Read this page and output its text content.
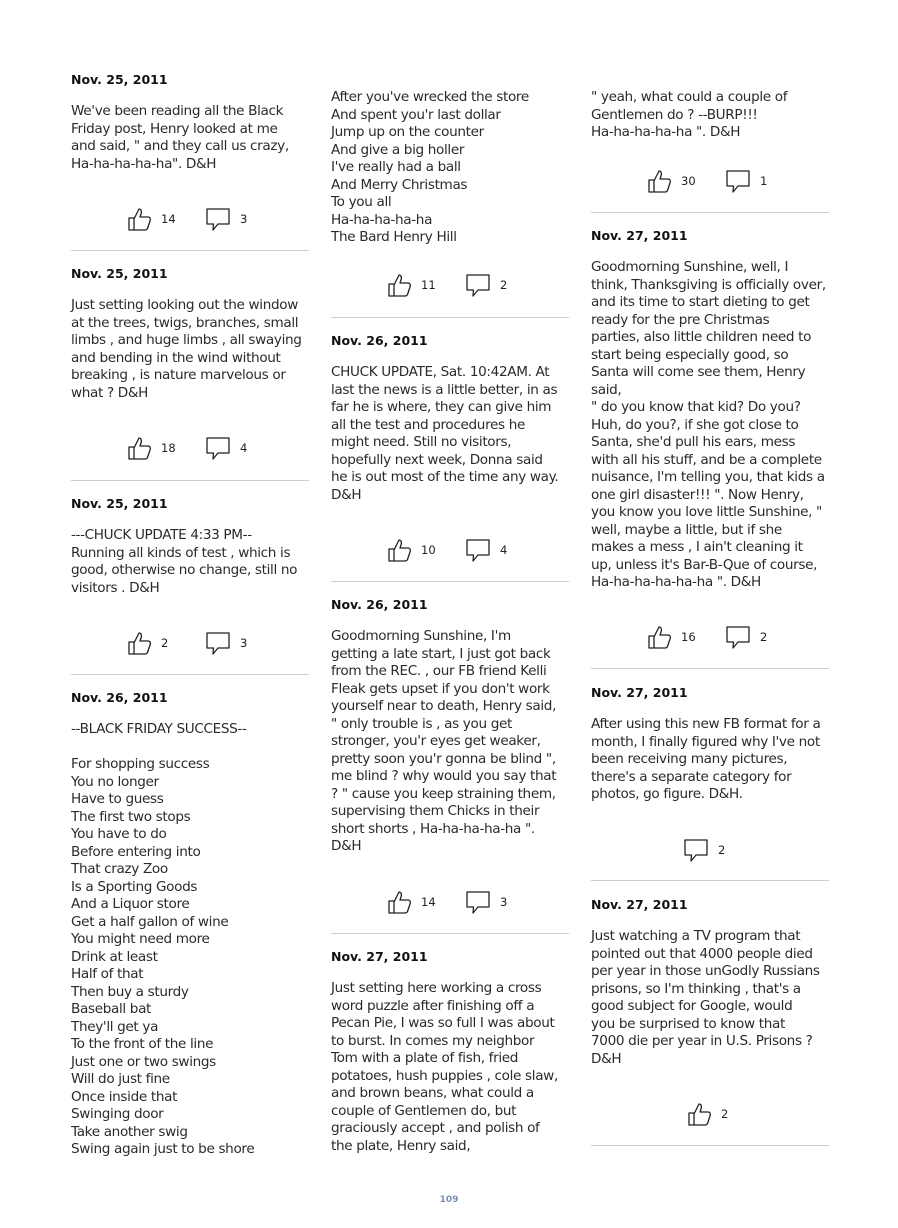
Nov. 25, 2011

We've been reading all the Black
Friday post, Henry looked at me
and said, " and they call us crazy,
Ha-ha-ha-ha-ha". D&H
14	3

Nov. 25, 2011

Just setting looking out the window
at the trees, twigs, branches, small
limbs , and huge limbs , all swaying
and bending in the wind without
breaking , is nature marvelous or
what ? D&H
18	4

Nov. 25, 2011

---CHUCK UPDATE 4:33 PM--
Running all kinds of test , which is
good, otherwise no change, still no
visitors . D&H
2	3

Nov. 26, 2011

--BLACK FRIDAY SUCCESS--

For shopping success
You no longer
Have to guess
The first two stops
You have to do
Before entering into
That crazy Zoo
Is a Sporting Goods
And a Liquor store
Get a half gallon of wine
You might need more
Drink at least
Half of that
Then buy a sturdy
Baseball bat
They'll get ya
To the front of the line
Just one or two swings
Will do just fine
Once inside that
Swinging door
Take another swig
Swing again just to be shore
After you've wrecked the store
And spent you'r last dollar
Jump up on the counter
And give a big holler
I've really had a ball
And Merry Christmas
To you all
Ha-ha-ha-ha-ha
The Bard Henry Hill
11	2

Nov. 26, 2011

CHUCK UPDATE, Sat. 10:42AM. At
last the news is a little better, in as
far he is where, they can give him
all the test and procedures he
might need. Still no visitors,
hopefully next week, Donna said
he is out most of the time any way.
D&H
10	4

Nov. 26, 2011

Goodmorning Sunshine, I'm
getting a late start, I just got back
from the REC. , our FB friend Kelli
Fleak gets upset if you don't work
yourself near to death, Henry said,
" only trouble is , as you get
stronger, you'r eyes get weaker,
pretty soon you'r gonna be blind ",
me blind ? why would you say that
? " cause you keep straining them,
supervising them Chicks in their
short shorts , Ha-ha-ha-ha-ha ".
D&H
14	3

Nov. 27, 2011

Just setting here working a cross
word puzzle after finishing off a
Pecan Pie, I was so full I was about
to burst. In comes my neighbor
Tom with a plate of fish, fried
potatoes, hush puppies , cole slaw,
and brown beans, what could a
couple of Gentlemen do, but
graciously accept , and polish of
the plate, Henry said,
" yeah, what could a couple of
Gentlemen do ? --BURP!!!
Ha-ha-ha-ha-ha ". D&H
30	1

Nov. 27, 2011

Goodmorning Sunshine, well, I
think, Thanksgiving is officially over,
and its time to start dieting to get
ready for the pre Christmas
parties, also little children need to
start being especially good, so
Santa will come see them, Henry
said,
" do you know that kid? Do you?
Huh, do you?, if she got close to
Santa, she'd pull his ears, mess
with all his stuff, and be a complete
nuisance, I'm telling you, that kids a
one girl disaster!!! ". Now Henry,
you know you love little Sunshine, "
well, maybe a little, but if she
makes a mess , I ain't cleaning it
up, unless it's Bar-B-Que of course,
Ha-ha-ha-ha-ha-ha ". D&H
16	2

Nov. 27, 2011

After using this new FB format for a
month, I finally figured why I've not
been receiving many pictures,
there's a separate category for
photos, go figure. D&H.
2

Nov. 27, 2011

Just watching a TV program that
pointed out that 4000 people died
per year in those unGodly Russians
prisons, so I'm thinking , that's a
good subject for Google, would
you be surprised to know that
7000 die per year in U.S. Prisons ?
D&H
2
109
